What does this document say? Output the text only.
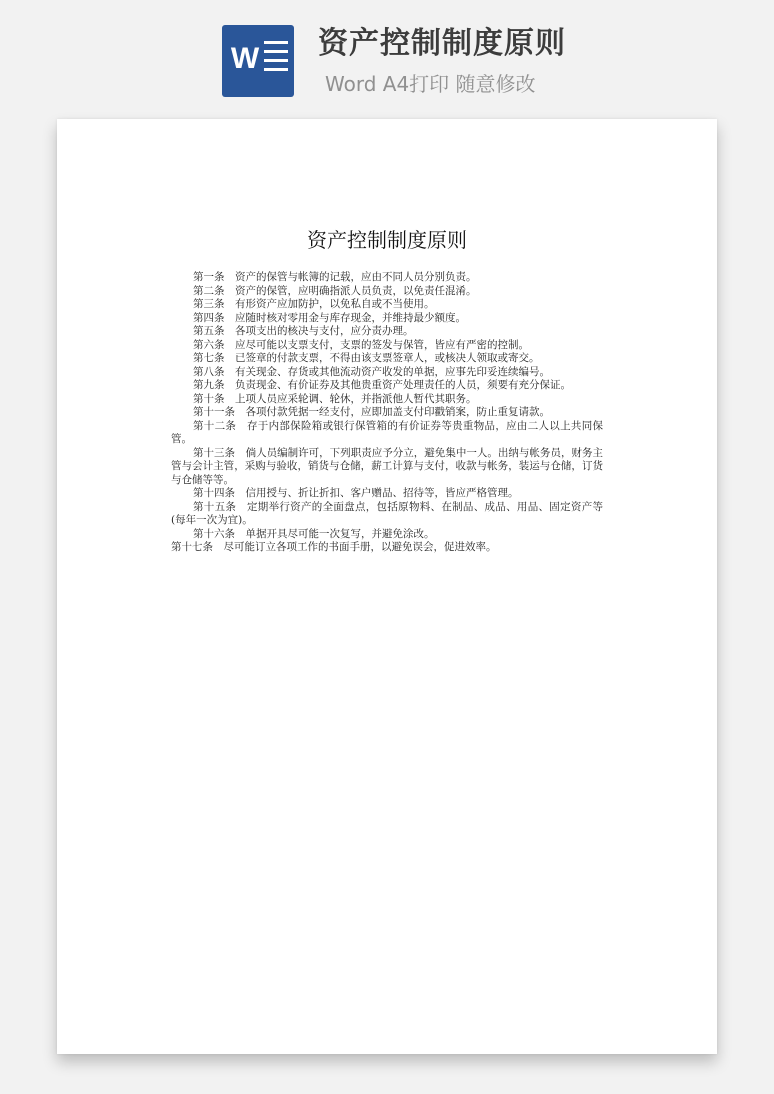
W 资产控制制度原则
Word A4打印 随意修改
资产控制制度原则

第一条　资产的保管与帐簿的记载，应由不同人员分别负责。

第二条　资产的保管，应明确指派人员负责，以免责任混淆。

第三条　有形资产应加防护，以免私自或不当使用。

第四条　应随时核对零用金与库存现金，并维持最少额度。

第五条　各项支出的核决与支付，应分责办理。

第六条　应尽可能以支票支付，支票的签发与保管，皆应有严密的控制。

第七条　已签章的付款支票，不得由该支票签章人，或核决人领取或寄交。

第八条　有关现金、存货或其他流动资产收发的单据，应事先印妥连续编号。

第九条　负责现金、有价证券及其他贵重资产处理责任的人员，须要有充分保证。

第十条　上项人员应采轮调、轮休，并指派他人暂代其职务。

第十一条　各项付款凭据一经支付，应即加盖支付印戳销案，防止重复请款。

第十二条　存于内部保险箱或银行保管箱的有价证券等贵重物品，应由二人以上共同保管。

第十三条　倘人员编制许可，下列职责应予分立，避免集中一人。出纳与帐务员，财务主管与会计主管，采购与验收，销货与仓储，薪工计算与支付，收款与帐务，装运与仓储，订货与仓储等等。

第十四条　信用授与、折让折扣、客户赠品、招待等，皆应严格管理。

第十五条　定期举行资产的全面盘点，包括原物料、在制品、成品、用品、固定资产等(每年一次为宜)。

第十六条　单据开具尽可能一次复写，并避免涂改。

第十七条　尽可能订立各项工作的书面手册，以避免误会，促进效率。
